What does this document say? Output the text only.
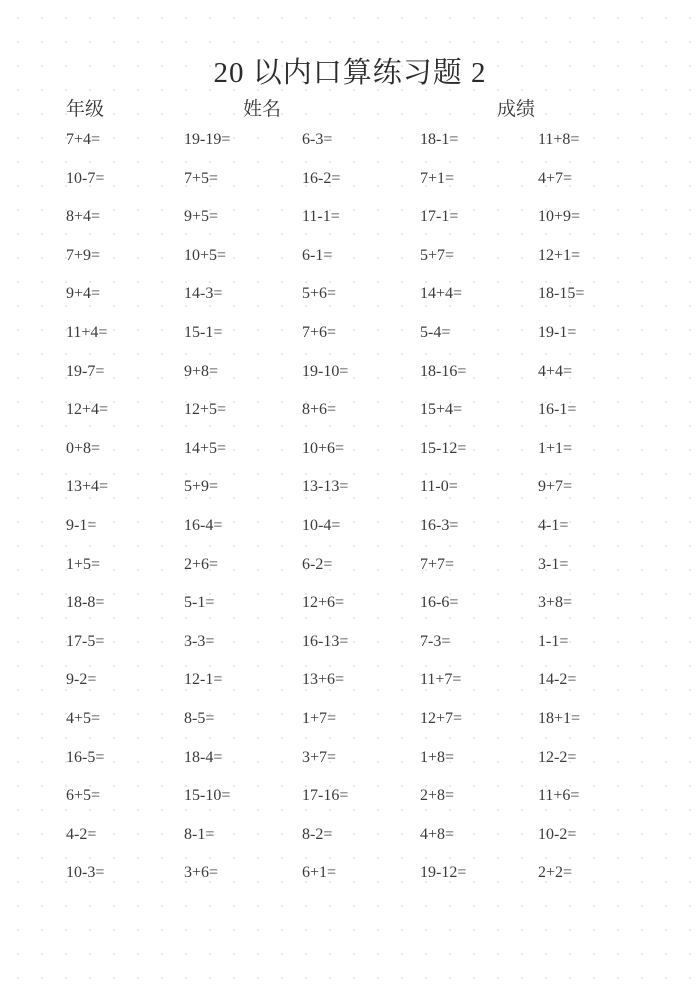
20 以内口算练习题 2
年级	姓名	成绩
7+4=	19-19=	6-3=	18-1=	11+8=
10-7=	7+5=	16-2=	7+1=	4+7=
8+4=	9+5=	11-1=	17-1=	10+9=
7+9=	10+5=	6-1=	5+7=	12+1=
9+4=	14-3=	5+6=	14+4=	18-15=
11+4=	15-1=	7+6=	5-4=	19-1=
19-7=	9+8=	19-10=	18-16=	4+4=
12+4=	12+5=	8+6=	15+4=	16-1=
0+8=	14+5=	10+6=	15-12=	1+1=
13+4=	5+9=	13-13=	11-0=	9+7=
9-1=	16-4=	10-4=	16-3=	4-1=
1+5=	2+6=	6-2=	7+7=	3-1=
18-8=	5-1=	12+6=	16-6=	3+8=
17-5=	3-3=	16-13=	7-3=	1-1=
9-2=	12-1=	13+6=	11+7=	14-2=
4+5=	8-5=	1+7=	12+7=	18+1=
16-5=	18-4=	3+7=	1+8=	12-2=
6+5=	15-10=	17-16=	2+8=	11+6=
4-2=	8-1=	8-2=	4+8=	10-2=
10-3=	3+6=	6+1=	19-12=	2+2=
